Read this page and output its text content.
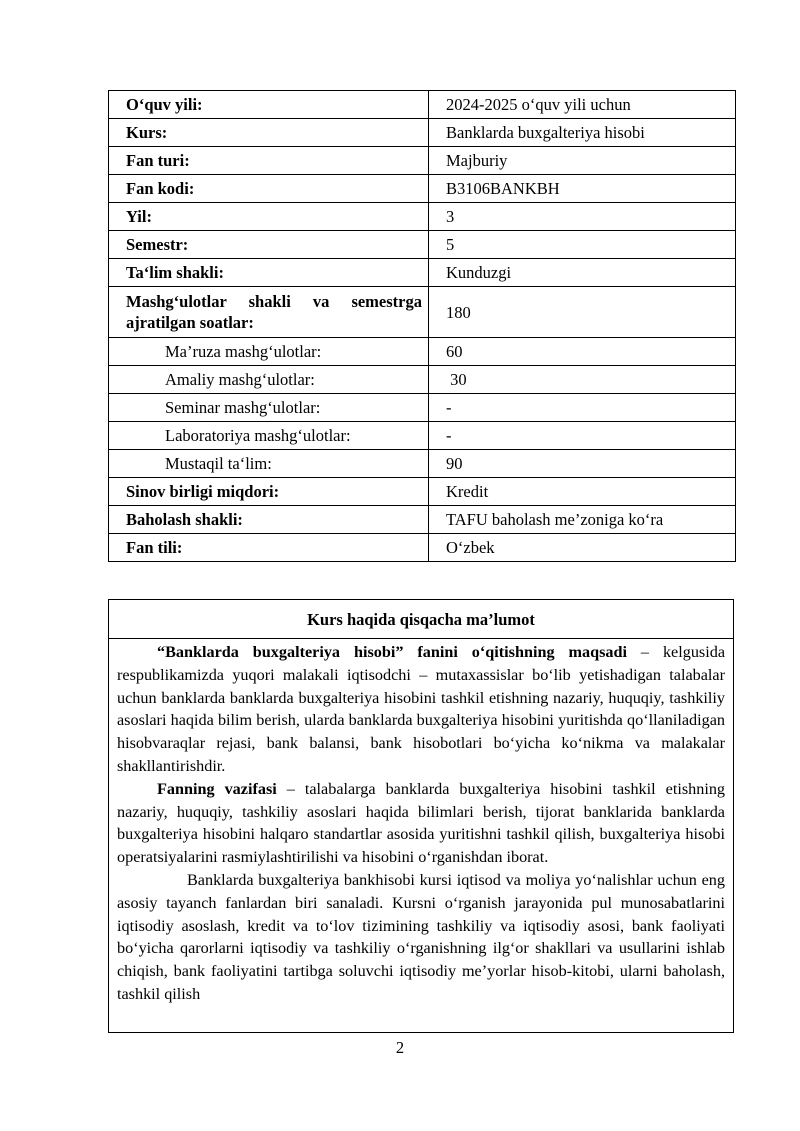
O‘quv yili:	2024-2025 o‘quv yili uchun
Kurs:	Banklarda buxgalteriya hisobi
Fan turi:	Majburiy
Fan kodi:	B3106BANKBH
Yil:	3
Semestr:	5
Ta‘lim shakli:	Kunduzgi

Mashg‘ulotlar shakli va semestrga
ajratilgan soatlar:	180
Ma’ruza mashg‘ulotlar:	60
Amaliy mashg‘ulotlar:	30
Seminar mashg‘ulotlar:	-
Laboratoriya mashg‘ulotlar:	-
Mustaqil ta‘lim:	90
Sinov birligi miqdori:	Kredit
Baholash shakli:	TAFU baholash me’zoniga ko‘ra
Fan tili:	O‘zbek
Kurs haqida qisqacha ma’lumot

“Banklarda buxgalteriya hisobi” fanini o‘qitishning maqsadi – kelgusida respublikamizda yuqori malakali iqtisodchi – mutaxassislar bo‘lib yetishadigan talabalar uchun banklarda banklarda buxgalteriya hisobini tashkil etishning nazariy, huquqiy, tashkiliy asoslari haqida bilim berish, ularda banklarda buxgalteriya hisobini yuritishda qo‘llaniladigan hisobvaraqlar rejasi, bank balansi, bank hisobotlari bo‘yicha ko‘nikma va malakalar shakllantirishdir.

Fanning vazifasi – talabalarga banklarda buxgalteriya hisobini tashkil etishning nazariy, huquqiy, tashkiliy asoslari haqida bilimlari berish, tijorat banklarida banklarda buxgalteriya hisobini halqaro standartlar asosida yuritishni tashkil qilish, buxgalteriya hisobi operatsiyalarini rasmiylashtirilishi va hisobini o‘rganishdan iborat.

Banklarda buxgalteriya bankhisobi kursi iqtisod va moliya yo‘nalishlar uchun eng asosiy tayanch fanlardan biri sanaladi. Kursni o‘rganish jarayonida pul munosabatlarini iqtisodiy asoslash, kredit va to‘lov tizimining tashkiliy va iqtisodiy asosi, bank faoliyati bo‘yicha qarorlarni iqtisodiy va tashkiliy o‘rganishning ilg‘or shakllari va usullarini ishlab chiqish, bank faoliyatini tartibga soluvchi iqtisodiy me’yorlar hisob-kitobi, ularni baholash, tashkil qilish

2
